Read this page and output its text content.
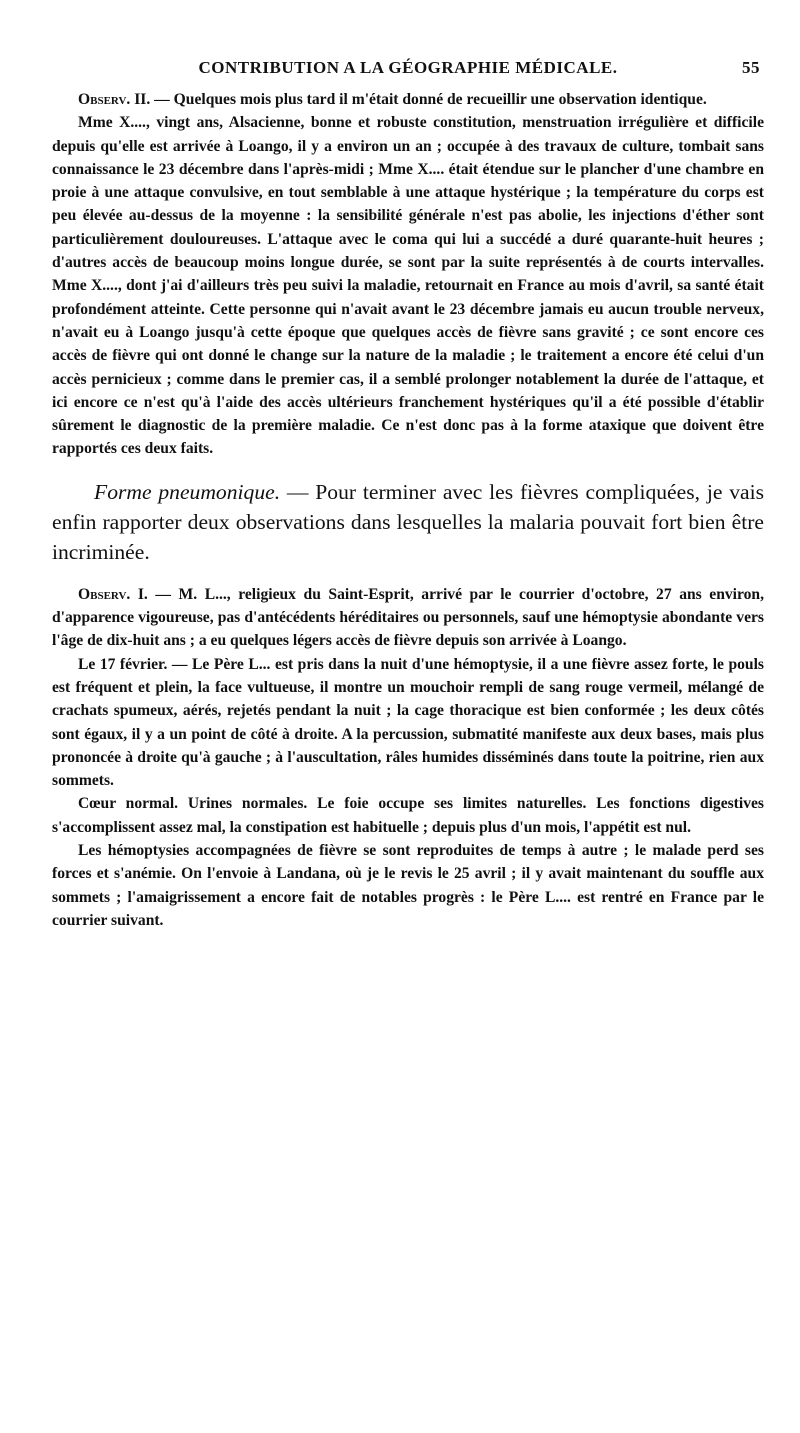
CONTRIBUTION A LA GÉOGRAPHIE MÉDICALE.	55

Observ. II. — Quelques mois plus tard il m'était donné de recueillir une observation identique.

Mme X...., vingt ans, Alsacienne, bonne et robuste constitution, menstruation irrégulière et difficile depuis qu'elle est arrivée à Loango, il y a environ un an ; occupée à des travaux de culture, tombait sans connaissance le 23 décembre dans l'après-midi ; Mme X.... était étendue sur le plancher d'une chambre en proie à une attaque convulsive, en tout semblable à une attaque hystérique ; la température du corps est peu élevée au-dessus de la moyenne : la sensibilité générale n'est pas abolie, les injections d'éther sont particulièrement douloureuses. L'attaque avec le coma qui lui a succédé a duré quarante-huit heures ; d'autres accès de beaucoup moins longue durée, se sont par la suite représentés à de courts intervalles. Mme X...., dont j'ai d'ailleurs très peu suivi la maladie, retournait en France au mois d'avril, sa santé était profondément atteinte. Cette personne qui n'avait avant le 23 décembre jamais eu aucun trouble nerveux, n'avait eu à Loango jusqu'à cette époque que quelques accès de fièvre sans gravité ; ce sont encore ces accès de fièvre qui ont donné le change sur la nature de la maladie ; le traitement a encore été celui d'un accès pernicieux ; comme dans le premier cas, il a semblé prolonger notablement la durée de l'attaque, et ici encore ce n'est qu'à l'aide des accès ultérieurs franchement hystériques qu'il a été possible d'établir sûrement le diagnostic de la première maladie. Ce n'est donc pas à la forme ataxique que doivent être rapportés ces deux faits.

Forme pneumonique. — Pour terminer avec les fièvres compliquées, je vais enfin rapporter deux observations dans lesquelles la malaria pouvait fort bien être incriminée.

Observ. I. — M. L..., religieux du Saint-Esprit, arrivé par le courrier d'octobre, 27 ans environ, d'apparence vigoureuse, pas d'antécédents héréditaires ou personnels, sauf une hémoptysie abondante vers l'âge de dix-huit ans ; a eu quelques légers accès de fièvre depuis son arrivée à Loango.

Le 17 février. — Le Père L... est pris dans la nuit d'une hémoptysie, il a une fièvre assez forte, le pouls est fréquent et plein, la face vultueuse, il montre un mouchoir rempli de sang rouge vermeil, mélangé de crachats spumeux, aérés, rejetés pendant la nuit ; la cage thoracique est bien conformée ; les deux côtés sont égaux, il y a un point de côté à droite. A la percussion, submatité manifeste aux deux bases, mais plus prononcée à droite qu'à gauche ; à l'auscultation, râles humides disséminés dans toute la poitrine, rien aux sommets.

Cœur normal. Urines normales. Le foie occupe ses limites naturelles. Les fonctions digestives s'accomplissent assez mal, la constipation est habituelle ; depuis plus d'un mois, l'appétit est nul.

Les hémoptysies accompagnées de fièvre se sont reproduites de temps à autre ; le malade perd ses forces et s'anémie. On l'envoie à Landana, où je le revis le 25 avril ; il y avait maintenant du souffle aux sommets ; l'amaigrissement a encore fait de notables progrès : le Père L.... est rentré en France par le courrier suivant.
